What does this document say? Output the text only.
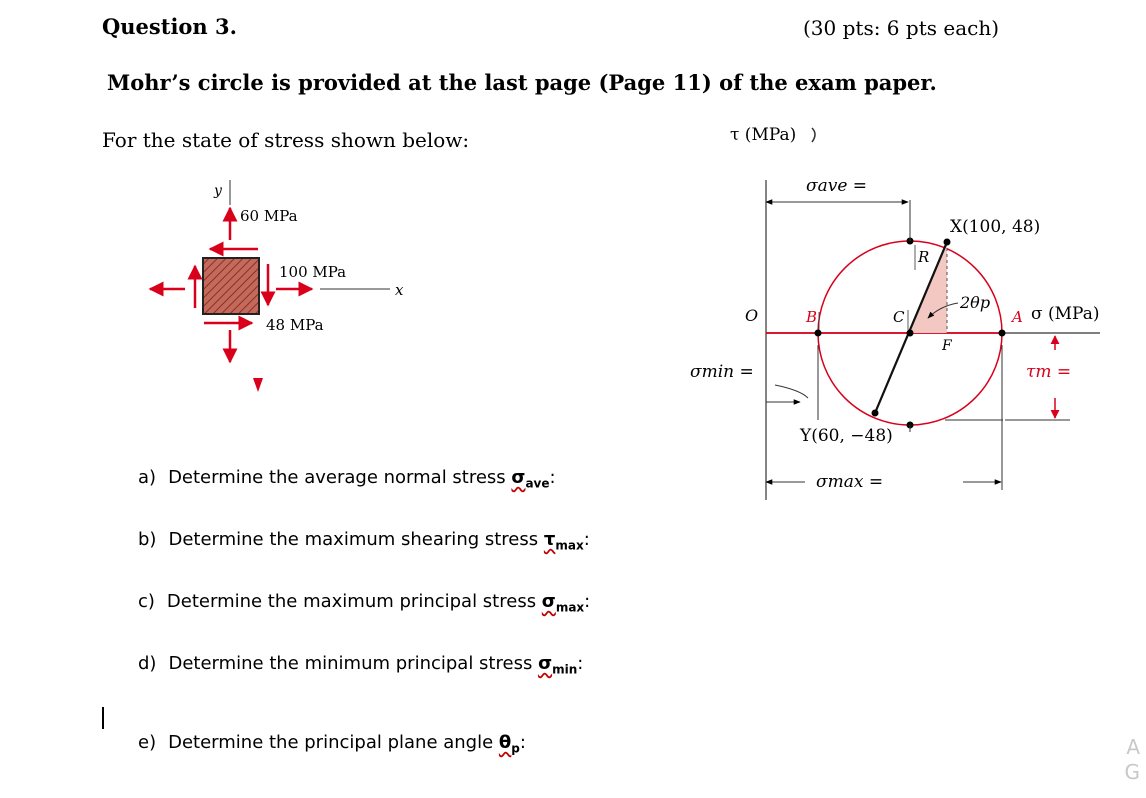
Question 3.	(30 pts: 6 pts each)
Mohr’s circle is provided at the last page (Page 11) of the exam paper.
For the state of stress shown below:
a) Determine the average normal stress $\sigma_{ave}$:
b) Determine the maximum shearing stress $\tau_{max}$:
c) Determine the maximum principal stress $\sigma_{max}$:
d) Determine the minimum principal stress $\sigma_{min}$:
e) Determine the principal plane angle $\theta_p$:	A
G
y
x
60 MPa
100 MPa
48 MPa
τ (MPa)
σ (MPa)
O
σave =
σmin =
σmax =
τm =
X(100, 48)
Y(60, −48)
R
B	C	A
F
2θp
